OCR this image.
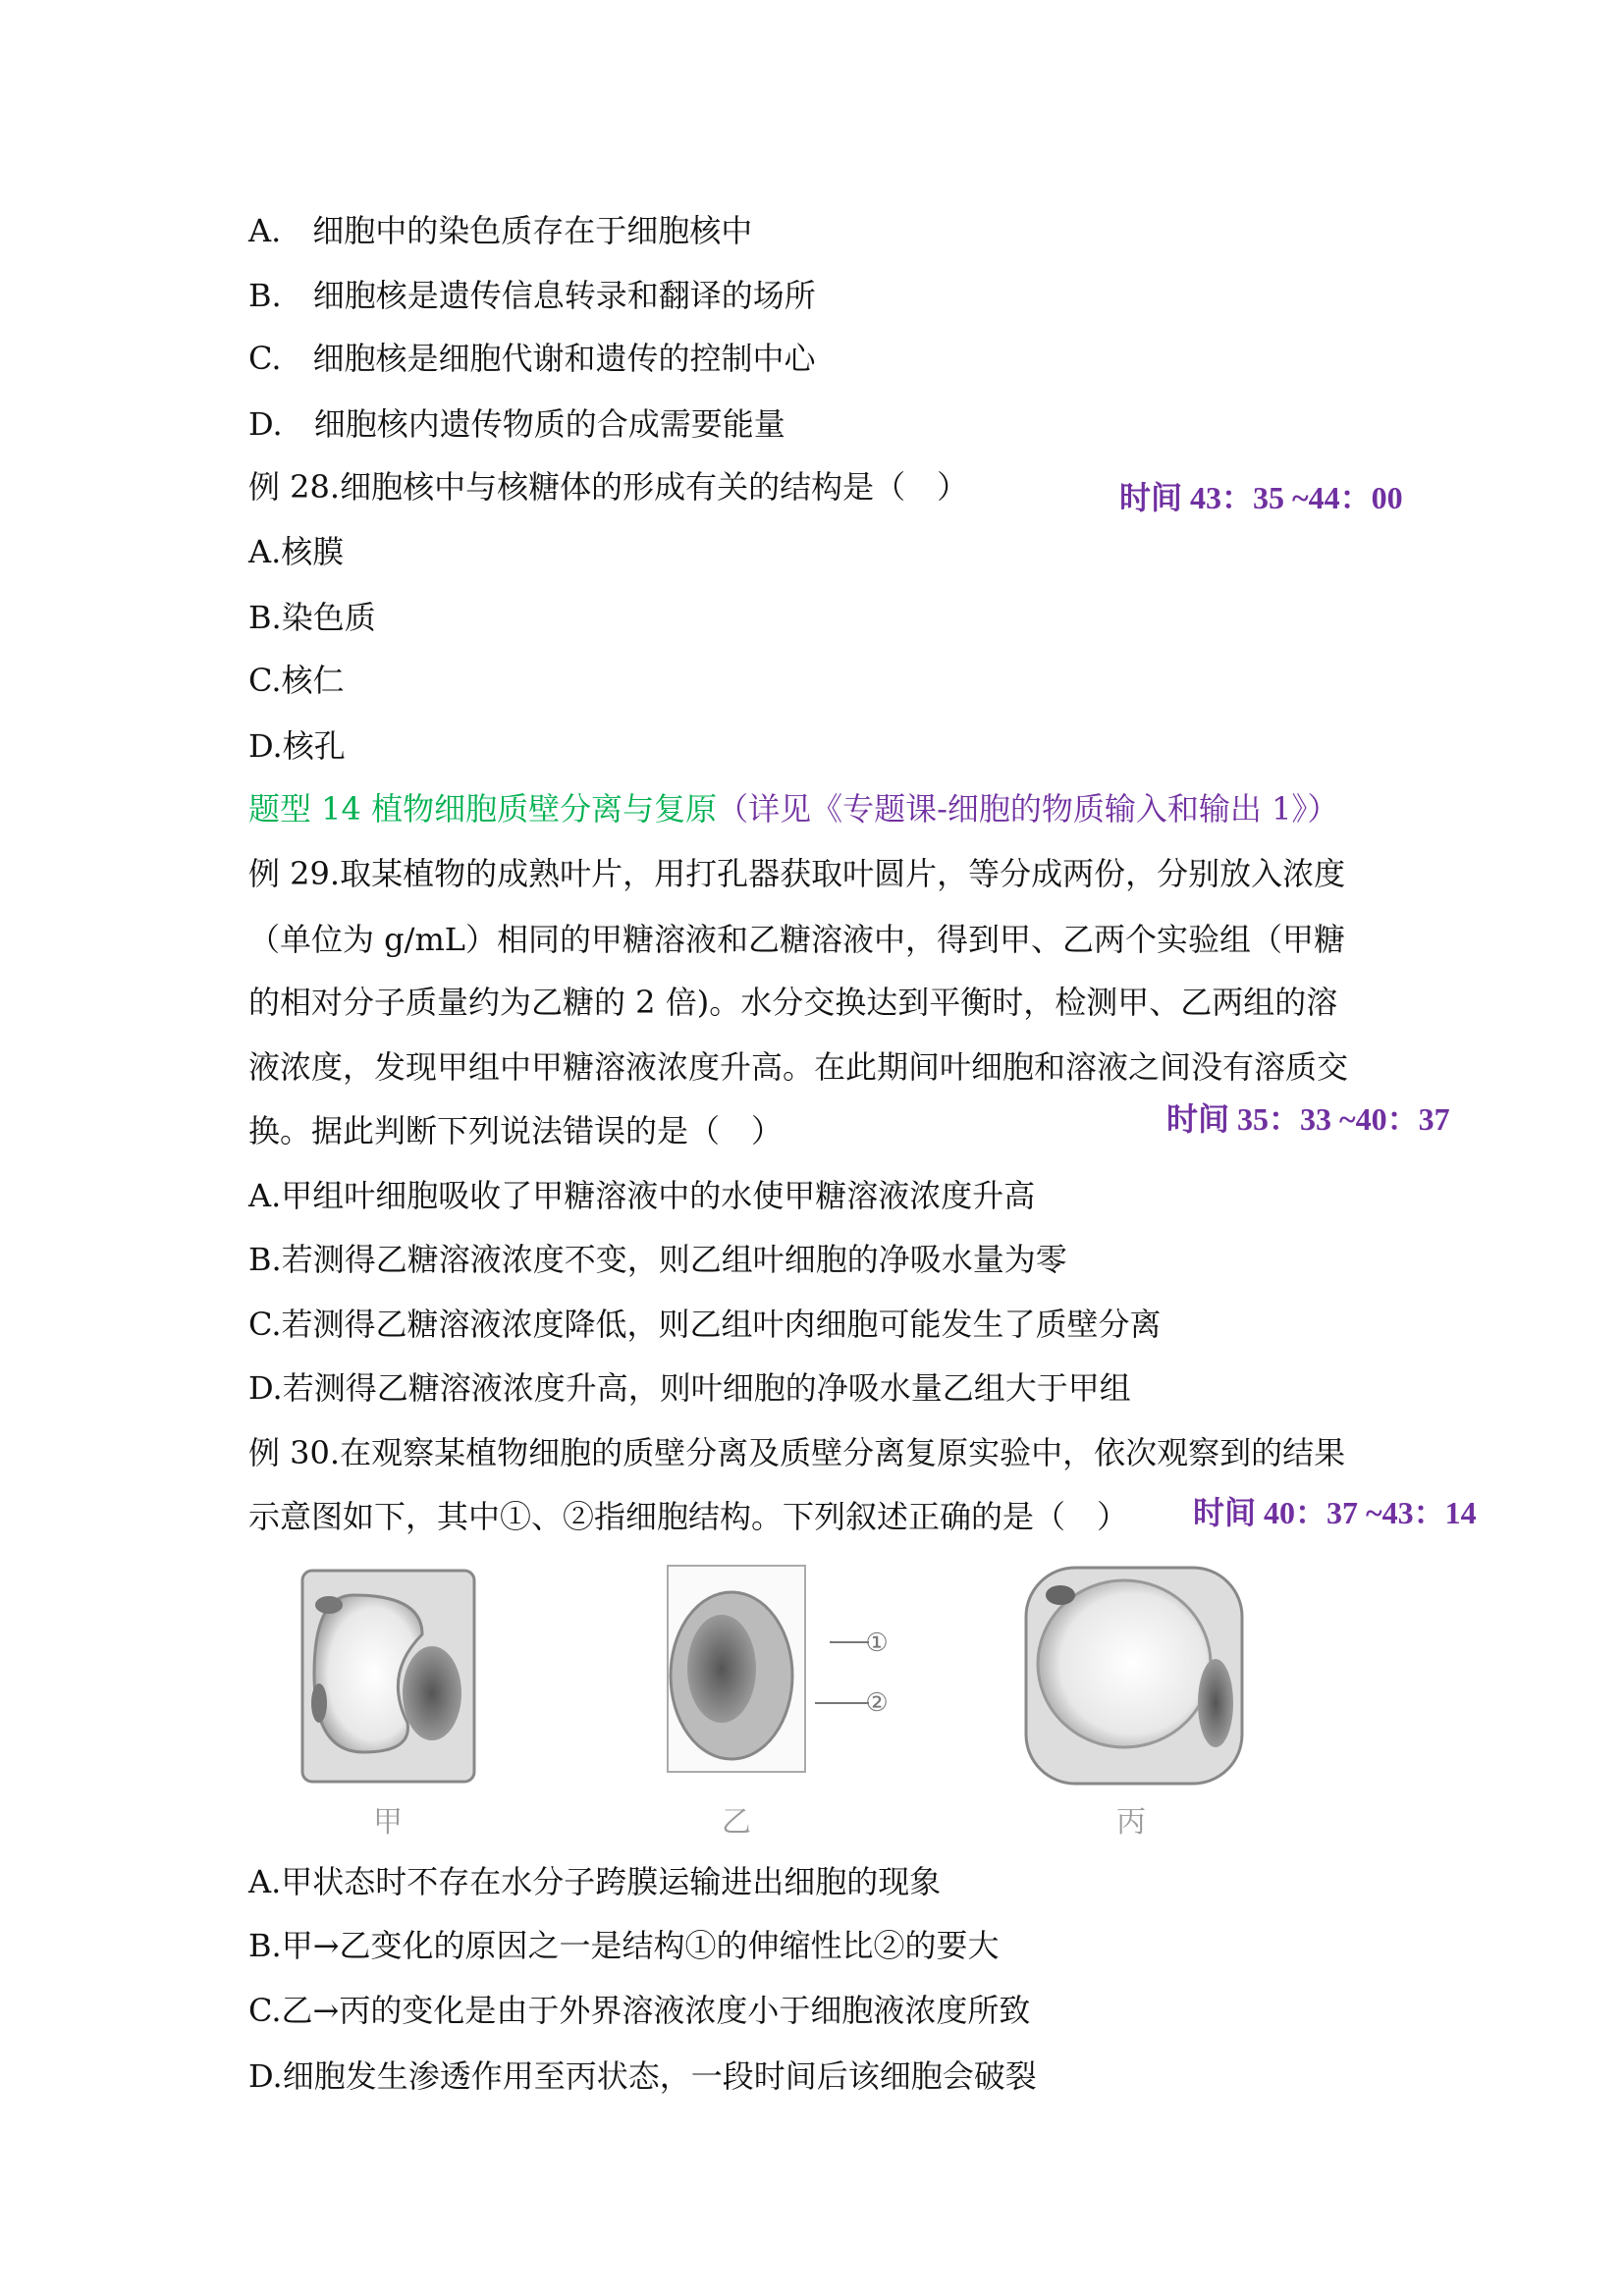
A.　细胞中的染色质存在于细胞核中
B.　细胞核是遗传信息转录和翻译的场所
C.　细胞核是细胞代谢和遗传的控制中心
D.　细胞核内遗传物质的合成需要能量
例 28.细胞核中与核糖体的形成有关的结构是（　）	时间 43：35 ~44：00
A.核膜
B.染色质
C.核仁
D.核孔
题型 14 植物细胞质壁分离与复原（详见《专题课-细胞的物质输入和输出 1》）
例 29.取某植物的成熟叶片，用打孔器获取叶圆片，等分成两份，分别放入浓度
（单位为 g/mL）相同的甲糖溶液和乙糖溶液中，得到甲、乙两个实验组（甲糖
的相对分子质量约为乙糖的 2 倍)。水分交换达到平衡时，检测甲、乙两组的溶
液浓度，发现甲组中甲糖溶液浓度升高。在此期间叶细胞和溶液之间没有溶质交
换。据此判断下列说法错误的是（　）	时间 35：33 ~40：37
A.甲组叶细胞吸收了甲糖溶液中的水使甲糖溶液浓度升高
B.若测得乙糖溶液浓度不变，则乙组叶细胞的净吸水量为零
C.若测得乙糖溶液浓度降低，则乙组叶肉细胞可能发生了质壁分离
D.若测得乙糖溶液浓度升高，则叶细胞的净吸水量乙组大于甲组
例 30.在观察某植物细胞的质壁分离及质壁分离复原实验中，依次观察到的结果
示意图如下，其中①、②指细胞结构。下列叙述正确的是（　） 时间 40：37 ~43：14
①
②
甲	乙	丙
A.甲状态时不存在水分子跨膜运输进出细胞的现象
B.甲→乙变化的原因之一是结构①的伸缩性比②的要大
C.乙→丙的变化是由于外界溶液浓度小于细胞液浓度所致
D.细胞发生渗透作用至丙状态，一段时间后该细胞会破裂
